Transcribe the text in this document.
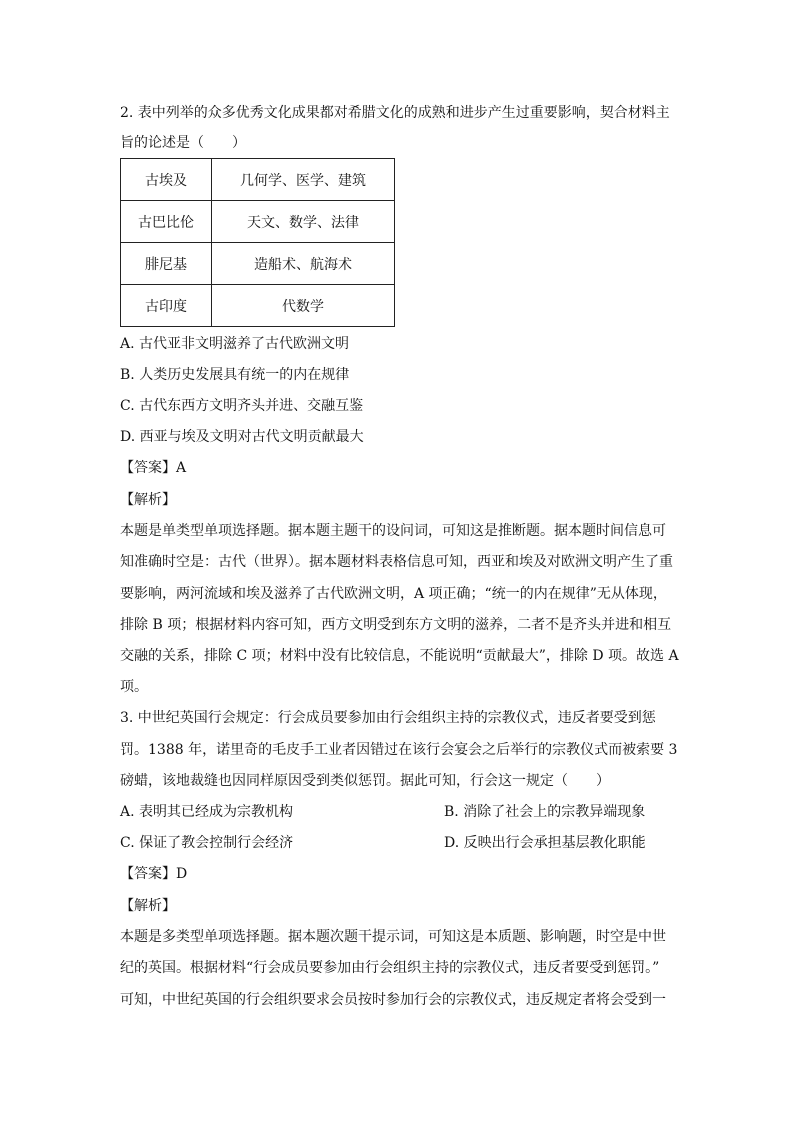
2. 表中列举的众多优秀文化成果都对希腊文化的成熟和进步产生过重要影响，契合材料主
旨的论述是（　　）
古埃及	几何学、医学、建筑
古巴比伦	天文、数学、法律
腓尼基	造船术、航海术
古印度	代数学
A. 古代亚非文明滋养了古代欧洲文明
B. 人类历史发展具有统一的内在规律
C. 古代东西方文明齐头并进、交融互鉴
D. 西亚与埃及文明对古代文明贡献最大
【答案】A
【解析】
本题是单类型单项选择题。据本题主题干的设问词，可知这是推断题。据本题时间信息可
知准确时空是：古代（世界）。据本题材料表格信息可知，西亚和埃及对欧洲文明产生了重
要影响，两河流域和埃及滋养了古代欧洲文明，A 项正确；“统一的内在规律”无从体现，
排除 B 项；根据材料内容可知，西方文明受到东方文明的滋养，二者不是齐头并进和相互
交融的关系，排除 C 项；材料中没有比较信息，不能说明“贡献最大”，排除 D 项。故选 A
项。
3. 中世纪英国行会规定：行会成员要参加由行会组织主持的宗教仪式，违反者要受到惩
罚。1388 年，诺里奇的毛皮手工业者因错过在该行会宴会之后举行的宗教仪式而被索要 3
磅蜡，该地裁缝也因同样原因受到类似惩罚。据此可知，行会这一规定（　　）
A. 表明其已经成为宗教机构	B. 消除了社会上的宗教异端现象
C. 保证了教会控制行会经济	D. 反映出行会承担基层教化职能
【答案】D
【解析】
本题是多类型单项选择题。据本题次题干提示词，可知这是本质题、影响题，时空是中世
纪的英国。根据材料“行会成员要参加由行会组织主持的宗教仪式，违反者要受到惩罚。”
可知，中世纪英国的行会组织要求会员按时参加行会的宗教仪式，违反规定者将会受到一
